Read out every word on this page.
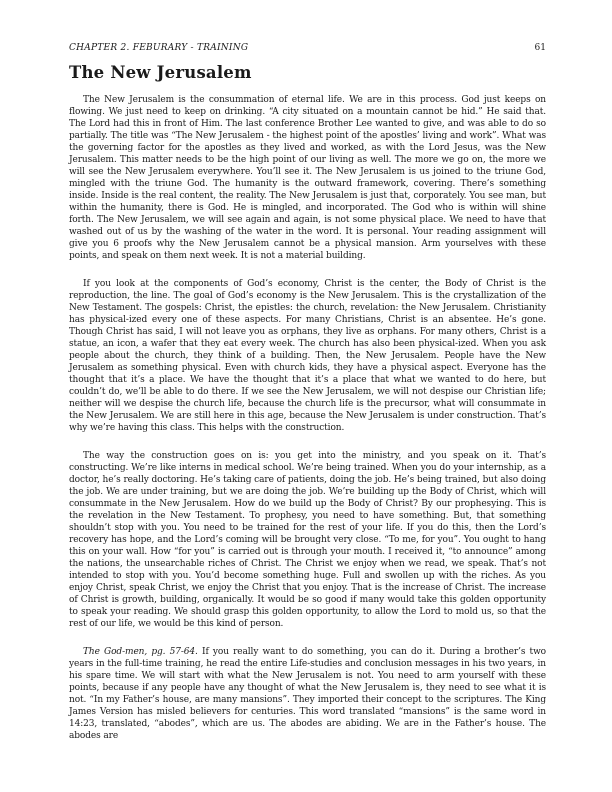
CHAPTER 2. FEBURARY - TRAINING	61
The New Jerusalem

The New Jerusalem is the consummation of eternal life. We are in this process. God just keeps on flowing. We just need to keep on drinking. “A city situated on a mountain cannot be hid.” He said that. The Lord had this in front of Him. The last conference Brother Lee wanted to give, and was able to do so partially. The title was “The New Jerusalem - the highest point of the apostles’ living and work”. What was the governing factor for the apostles as they lived and worked, as with the Lord Jesus, was the New Jerusalem. This matter needs to be the high point of our living as well. The more we go on, the more we will see the New Jerusalem everywhere. You’ll see it. The New Jerusalem is us joined to the triune God, mingled with the triune God. The humanity is the outward framework, covering. There’s something inside. Inside is the real content, the reality. The New Jerusalem is just that, corporately. You see man, but within the humanity, there is God. He is mingled, and incorporated. The God who is within will shine forth. The New Jerusalem, we will see again and again, is not some physical place. We need to have that washed out of us by the washing of the water in the word. It is personal. Your reading assignment will give you 6 proofs why the New Jerusalem cannot be a physical mansion. Arm yourselves with these points, and speak on them next week. It is not a material building.

If you look at the components of God’s economy, Christ is the center, the Body of Christ is the reproduction, the line. The goal of God’s economy is the New Jerusalem. This is the crystallization of the New Testament. The gospels: Christ, the epistles: the church, revelation: the New Jerusalem. Christianity has physical-ized every one of these aspects. For many Christians, Christ is an absentee. He’s gone. Though Christ has said, I will not leave you as orphans, they live as orphans. For many others, Christ is a statue, an icon, a wafer that they eat every week. The church has also been physical-ized. When you ask people about the church, they think of a building. Then, the New Jerusalem. People have the New Jerusalem as something physical. Even with church kids, they have a physical aspect. Everyone has the thought that it’s a place. We have the thought that it’s a place that what we wanted to do here, but couldn’t do, we’ll be able to do there. If we see the New Jerusalem, we will not despise our Christian life; neither will we despise the church life, because the church life is the precursor, what will consummate in the New Jerusalem. We are still here in this age, because the New Jerusalem is under construction. That’s why we’re having this class. This helps with the construction.

The way the construction goes on is: you get into the ministry, and you speak on it. That’s constructing. We’re like interns in medical school. We’re being trained. When you do your internship, as a doctor, he’s really doctoring. He’s taking care of patients, doing the job. He’s being trained, but also doing the job. We are under training, but we are doing the job. We’re building up the Body of Christ, which will consummate in the New Jerusalem. How do we build up the Body of Christ? By our prophesying. This is the revelation in the New Testament. To prophesy, you need to have something. But, that something shouldn’t stop with you. You need to be trained for the rest of your life. If you do this, then the Lord’s recovery has hope, and the Lord’s coming will be brought very close. “To me, for you”. You ought to hang this on your wall. How “for you” is carried out is through your mouth. I received it, “to announce” among the nations, the unsearchable riches of Christ. The Christ we enjoy when we read, we speak. That’s not intended to stop with you. You’d become something huge. Full and swollen up with the riches. As you enjoy Christ, speak Christ, we enjoy the Christ that you enjoy. That is the increase of Christ. The increase of Christ is growth, building, organically. It would be so good if many would take this golden opportunity to speak your reading. We should grasp this golden opportunity, to allow the Lord to mold us, so that the rest of our life, we would be this kind of person.

The God-men, pg. 57-64. If you really want to do something, you can do it. During a brother’s two years in the full-time training, he read the entire Life-studies and conclusion messages in his two years, in his spare time. We will start with what the New Jerusalem is not. You need to arm yourself with these points, because if any people have any thought of what the New Jerusalem is, they need to see what it is not. “In my Father’s house, are many mansions”. They imported their concept to the scriptures. The King James Version has misled believers for centuries. This word translated “mansions” is the same word in 14:23, translated, “abodes”, which are us. The abodes are abiding. We are in the Father’s house. The abodes are
